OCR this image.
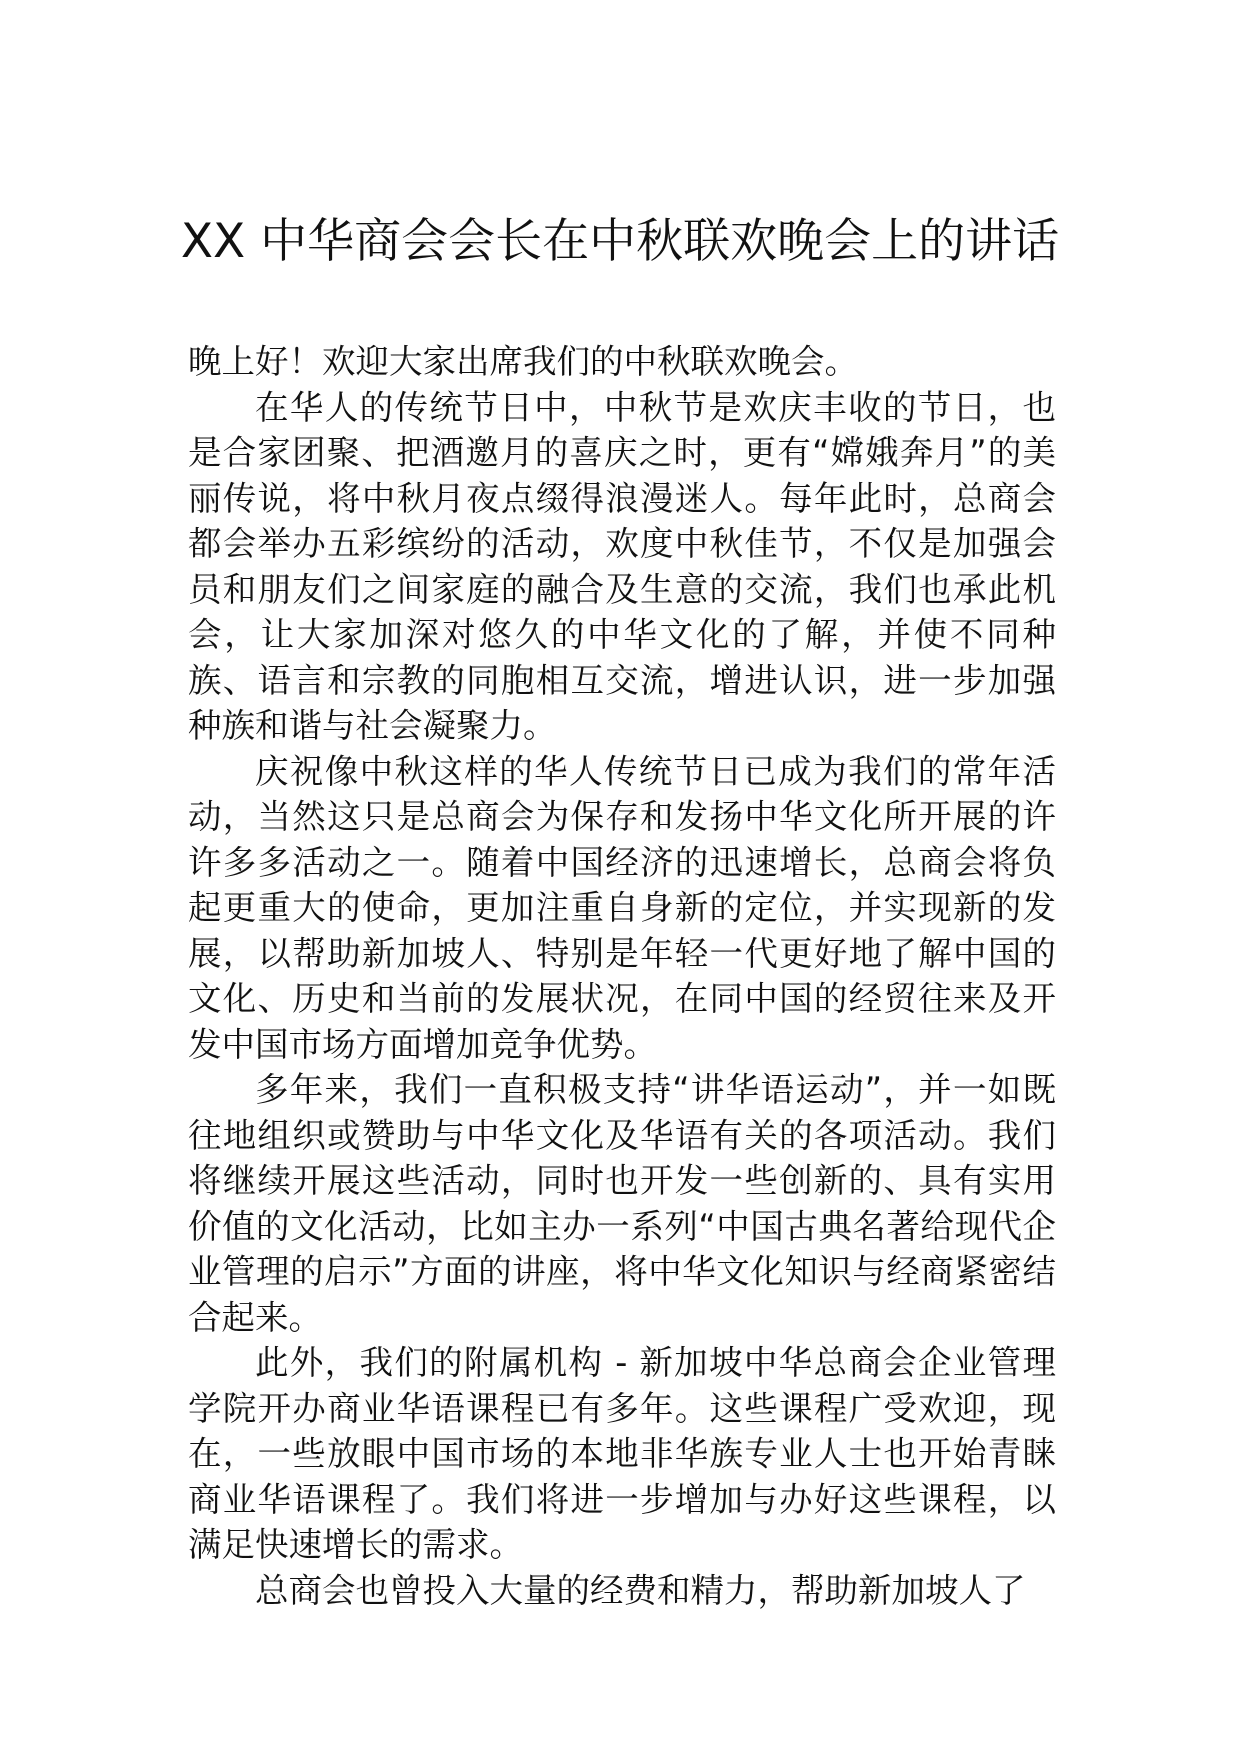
XX 中华商会会长在中秋联欢晚会上的讲话

晚上好！欢迎大家出席我们的中秋联欢晚会。

在华人的传统节日中，中秋节是欢庆丰收的节日，也是合家团聚、把酒邀月的喜庆之时，更有“嫦娥奔月”的美丽传说，将中秋月夜点缀得浪漫迷人。每年此时，总商会都会举办五彩缤纷的活动，欢度中秋佳节，不仅是加强会员和朋友们之间家庭的融合及生意的交流，我们也承此机会，让大家加深对悠久的中华文化的了解，并使不同种族、语言和宗教的同胞相互交流，增进认识，进一步加强种族和谐与社会凝聚力。

庆祝像中秋这样的华人传统节日已成为我们的常年活动，当然这只是总商会为保存和发扬中华文化所开展的许许多多活动之一。随着中国经济的迅速增长，总商会将负起更重大的使命，更加注重自身新的定位，并实现新的发展，以帮助新加坡人、特别是年轻一代更好地了解中国的文化、历史和当前的发展状况，在同中国的经贸往来及开发中国市场方面增加竞争优势。

多年来，我们一直积极支持“讲华语运动”，并一如既往地组织或赞助与中华文化及华语有关的各项活动。我们将继续开展这些活动，同时也开发一些创新的、具有实用价值的文化活动，比如主办一系列“中国古典名著给现代企业管理的启示”方面的讲座，将中华文化知识与经商紧密结合起来。

此外，我们的附属机构 - 新加坡中华总商会企业管理学院开办商业华语课程已有多年。这些课程广受欢迎，现在，一些放眼中国市场的本地非华族专业人士也开始青睐商业华语课程了。我们将进一步增加与办好这些课程，以满足快速增长的需求。

总商会也曾投入大量的经费和精力，帮助新加坡人了
